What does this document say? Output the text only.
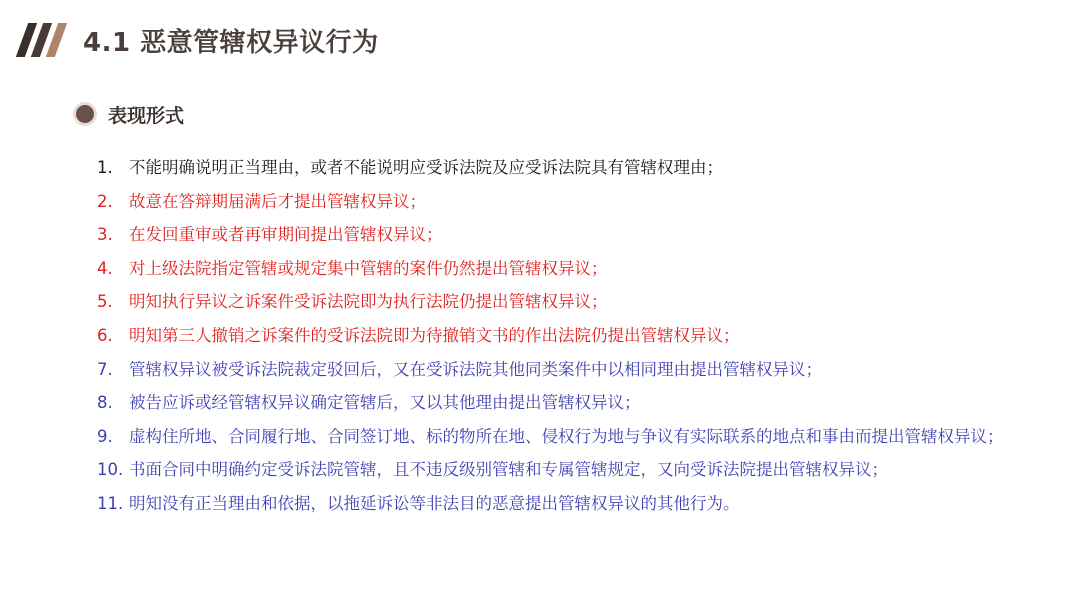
4.1 恶意管辖权异议行为
表现形式
1. 不能明确说明正当理由，或者不能说明应受诉法院及应受诉法院具有管辖权理由；
2. 故意在答辩期届满后才提出管辖权异议；
3. 在发回重审或者再审期间提出管辖权异议；
4. 对上级法院指定管辖或规定集中管辖的案件仍然提出管辖权异议；
5. 明知执行异议之诉案件受诉法院即为执行法院仍提出管辖权异议；
6. 明知第三人撤销之诉案件的受诉法院即为待撤销文书的作出法院仍提出管辖权异议；
7. 管辖权异议被受诉法院裁定驳回后，又在受诉法院其他同类案件中以相同理由提出管辖权异议；
8. 被告应诉或经管辖权异议确定管辖后，又以其他理由提出管辖权异议；
9. 虚构住所地、合同履行地、合同签订地、标的物所在地、侵权行为地与争议有实际联系的地点和事由而提出管辖权异议；
10. 书面合同中明确约定受诉法院管辖，且不违反级别管辖和专属管辖规定，又向受诉法院提出管辖权异议；
11. 明知没有正当理由和依据，以拖延诉讼等非法目的恶意提出管辖权异议的其他行为。
